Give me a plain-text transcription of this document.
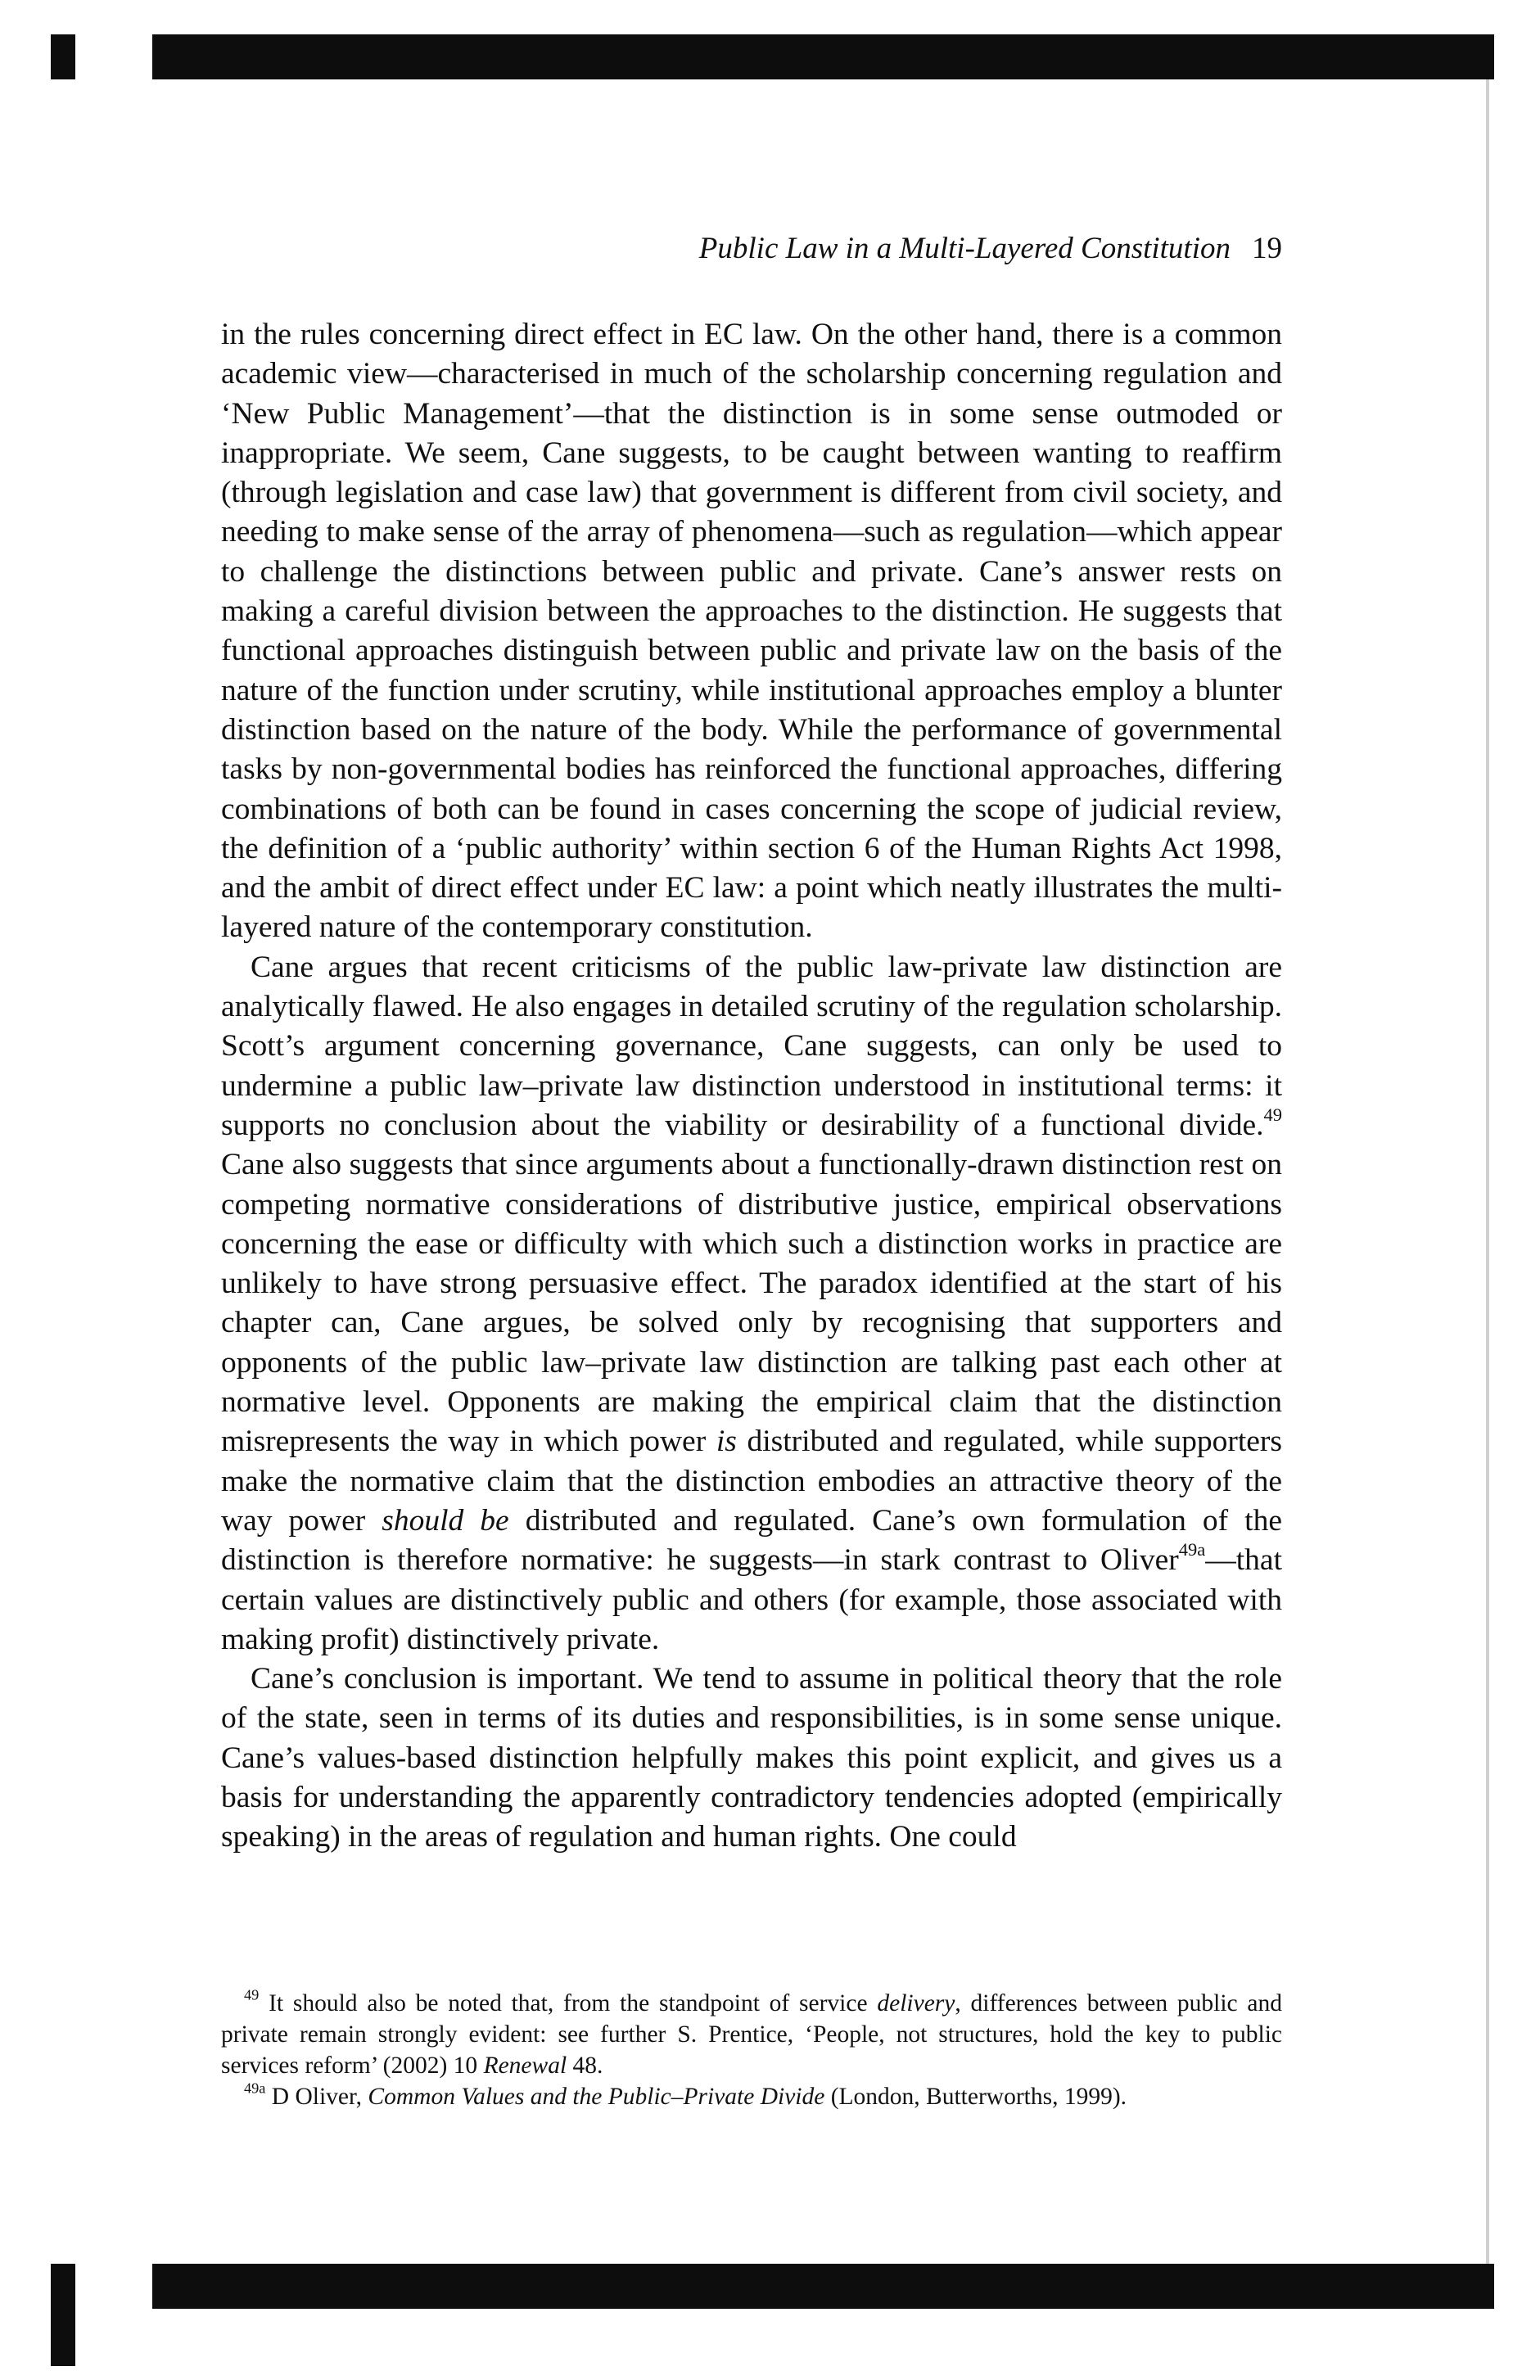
Public Law in a Multi-Layered Constitution 19

in the rules concerning direct effect in EC law. On the other hand, there is a common academic view—characterised in much of the scholarship concerning regulation and ‘New Public Management’—that the distinction is in some sense outmoded or inappropriate. We seem, Cane suggests, to be caught between wanting to reaffirm (through legislation and case law) that government is different from civil society, and needing to make sense of the array of phenomena—such as regulation—which appear to challenge the distinctions between public and private. Cane’s answer rests on making a careful division between the approaches to the distinction. He suggests that functional approaches distinguish between public and private law on the basis of the nature of the function under scrutiny, while institutional approaches employ a blunter distinction based on the nature of the body. While the performance of governmental tasks by non-governmental bodies has reinforced the functional approaches, differing combinations of both can be found in cases concerning the scope of judicial review, the definition of a ‘public authority’ within section 6 of the Human Rights Act 1998, and the ambit of direct effect under EC law: a point which neatly illustrates the multi-layered nature of the contemporary constitution.

Cane argues that recent criticisms of the public law-private law distinction are analytically flawed. He also engages in detailed scrutiny of the regulation scholarship. Scott’s argument concerning governance, Cane suggests, can only be used to undermine a public law–private law distinction understood in institutional terms: it supports no conclusion about the viability or desirability of a functional divide.$^{49}$ Cane also suggests that since arguments about a functionally-drawn distinction rest on competing normative considerations of distributive justice, empirical observations concerning the ease or difficulty with which such a distinction works in practice are unlikely to have strong persuasive effect. The paradox identified at the start of his chapter can, Cane argues, be solved only by recognising that supporters and opponents of the public law–private law distinction are talking past each other at normative level. Opponents are making the empirical claim that the distinction misrepresents the way in which power is distributed and regulated, while supporters make the normative claim that the distinction embodies an attractive theory of the way power should be distributed and regulated. Cane’s own formulation of the distinction is therefore normative: he suggests—in stark contrast to Oliver$^{49a}$—that certain values are distinctively public and others (for example, those associated with making profit) distinctively private.

Cane’s conclusion is important. We tend to assume in political theory that the role of the state, seen in terms of its duties and responsibilities, is in some sense unique. Cane’s values-based distinction helpfully makes this point explicit, and gives us a basis for understanding the apparently contradictory tendencies adopted (empirically speaking) in the areas of regulation and human rights. One could

$^{49}$ It should also be noted that, from the standpoint of service delivery, differences between public and private remain strongly evident: see further S. Prentice, ‘People, not structures, hold the key to public services reform’ (2002) 10 Renewal 48.

$^{49a}$ D Oliver, Common Values and the Public–Private Divide (London, Butterworths, 1999).
